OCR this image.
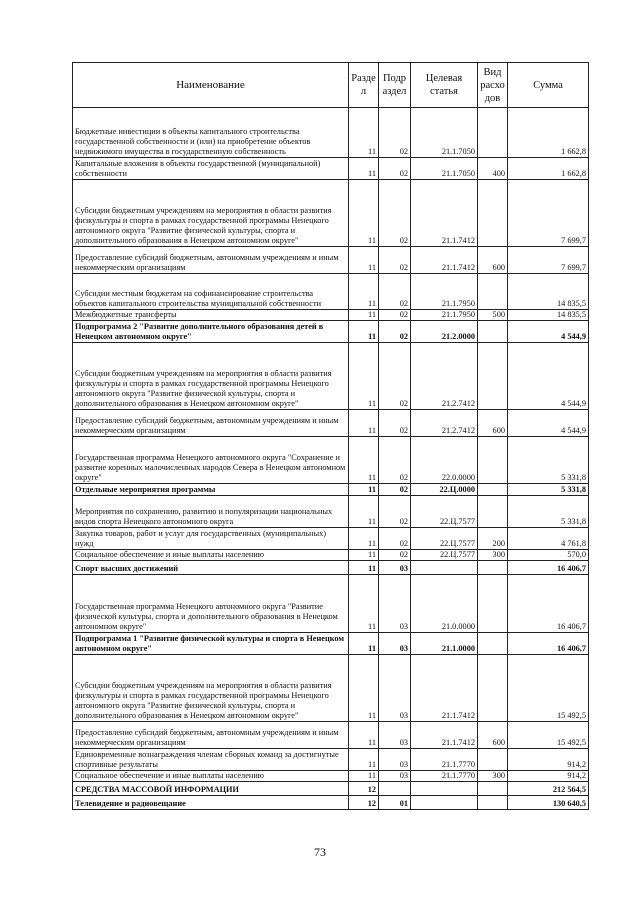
Наименование	Разде л	Подр аздел	Целевая статья	Вид расхо дов	Сумма
Бюджетные инвестиции в объекты капитального строительства государственной собственности и (или) на приобретение объектов недвижимого имущества в государственную собственность	11	02	21.1.7050		1 662,8
Капитальные вложения в объекты государственной (муниципальной) собственности	11	02	21.1.7050	400	1 662,8
Субсидии бюджетным учреждениям на мероприятия в области развития физкультуры и спорта в рамках государственной программы Ненецкого автономного округа "Развитие физической культуры, спорта и дополнительного образования в Ненецком автономном округе"	11	02	21.1.7412		7 699,7
Предоставление субсидий бюджетным, автономным учреждениям и иным некоммерческим организациям	11	02	21.1.7412	600	7 699,7
Субсидии местным бюджетам на софинансирование строительства объектов капитального строительства муниципальной собственности	11	02	21.1.7950		14 835,5
Межбюджетные трансферты	11	02	21.1.7950	500	14 835,5
Подпрограмма 2 "Развитие дополнительного образования детей в Ненецком автономном округе"	11	02	21.2.0000		4 544,9
Субсидии бюджетным учреждениям на мероприятия в области развития физкультуры и спорта в рамках государственной программы Ненецкого автономного округа "Развитие физической культуры, спорта и дополнительного образования в Ненецком автономном округе"	11	02	21.2.7412		4 544,9
Предоставление субсидий бюджетным, автономным учреждениям и иным некоммерческим организациям	11	02	21.2.7412	600	4 544,9
Государственная программа Ненецкого автономного округа "Сохранение и развитие коренных малочисленных народов Севера в Ненецком автономном округе"	11	02	22.0.0000		5 331,8
Отдельные мероприятия программы	11	02	22.Ц.0000		5 331,8
Мероприятия по сохранению, развитию и популяризации национальных видов спорта Ненецкого автономного округа	11	02	22.Ц.7577		5 331,8
Закупка товаров, работ и услуг для государственных (муниципальных) нужд	11	02	22.Ц.7577	200	4 761,8
Социальное обеспечение и иные выплаты населению	11	02	22.Ц.7577	300	570,0
Спорт высших достижений	11	03			16 406,7
Государственная программа Ненецкого автономного округа "Развитие физической культуры, спорта и дополнительного образования в Ненецком автономном округе"	11	03	21.0.0000		16 406,7
Подпрограмма 1 "Развитие физической культуры и спорта в Ненецком автономном округе"	11	03	21.1.0000		16 406,7
Субсидии бюджетным учреждениям на мероприятия в области развития физкультуры и спорта в рамках государственной программы Ненецкого автономного округа "Развитие физической культуры, спорта и дополнительного образования в Ненецком автономном округе"	11	03	21.1.7412		15 492,5
Предоставление субсидий бюджетным, автономным учреждениям и иным некоммерческим организациям	11	03	21.1.7412	600	15 492,5
Единовременные вознаграждения членам сборных команд за достигнутые спортивные результаты	11	03	21.1.7770		914,2
Социальное обеспечение и иные выплаты населению	11	03	21.1.7770	300	914,2
СРЕДСТВА МАССОВОЙ ИНФОРМАЦИИ	12				212 564,5
Телевидение и радиовещание	12	01			130 640,5
73
